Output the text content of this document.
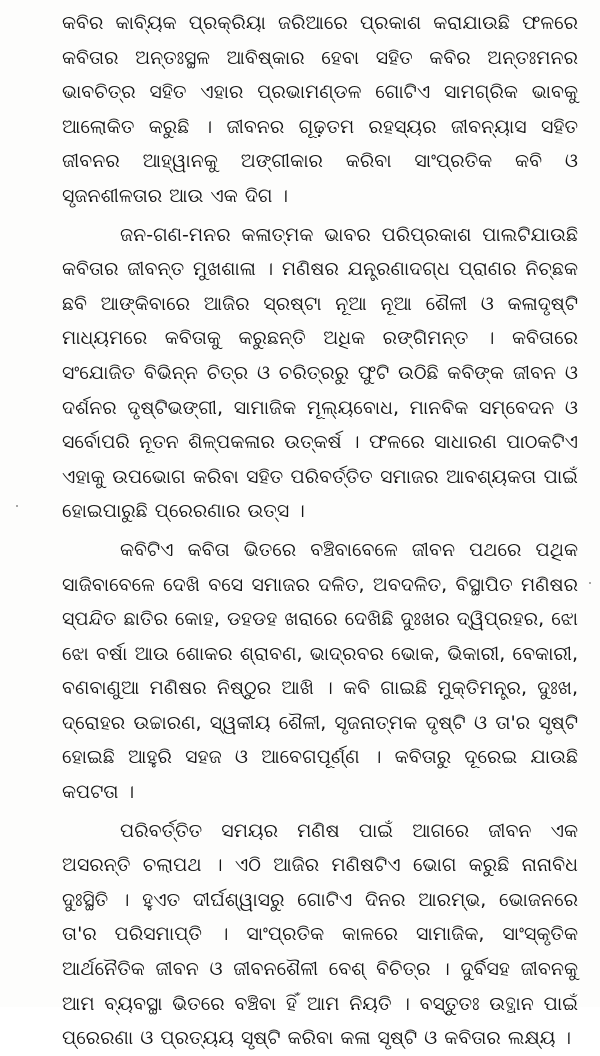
କବିର କାବ୍ୟିକ ପ୍ରକ୍ରିୟା ଜରିଆରେ ପ୍ରକାଶ କରାଯାଉଛି ଫଳରେ କବିତାର ଅନ୍ତଃସ୍ଥଳ ଆବିଷ୍କାର ହେବା ସହିତ କବିର ଅନ୍ତଃମନର ଭାବଚିତ୍ର ସହିତ ଏହାର ପ୍ରଭାମଣ୍ଡଳ ଗୋଟିଏ ସାମଗ୍ରିକ ଭାବକୁ ଆଲୋକିତ କରୁଛି । ଜୀବନର ଗୂଢ଼ତମ ରହସ୍ୟର ଜୀବନ୍ୟାସ ସହିତ ଜୀବନର ଆହ୍ୱାନକୁ ଅଙ୍ଗୀକାର କରିବା ସାଂପ୍ରତିକ କବି ଓ ସୃଜନଶୀଳତାର ଆଉ ଏକ ଦିଗ ।

ଜନ-ଗଣ-ମନର କଳାତ୍ମକ ଭାବର ପରିପ୍ରକାଶ ପାଲଟିଯାଉଛି କବିତାର ଜୀବନ୍ତ ମୁଖଶାଳା । ମଣିଷର ଯନ୍ତ୍ରଣାଦଗ୍ଧ ପ୍ରାଣର ନିଚ୍ଛକ ଛବି ଆଙ୍କିବାରେ ଆଜିର ସ୍ରଷ୍ଟା ନୂଆ ନୂଆ ଶୈଳୀ ଓ କଳାଦୃଷ୍ଟି ମାଧ୍ୟମରେ କବିତାକୁ କରୁଛନ୍ତି ଅଧିକ ରଙ୍ଗିମନ୍ତ । କବିତାରେ ସଂଯୋଜିତ ବିଭିନ୍ନ ଚିତ୍ର ଓ ଚରିତ୍ରରୁ ଫୁଟି ଉଠିଛି କବିଙ୍କ ଜୀବନ ଓ ଦର୍ଶନର ଦୃଷ୍ଟିଭଙ୍ଗୀ, ସାମାଜିକ ମୂଲ୍ୟବୋଧ, ମାନବିକ ସମ୍ବେଦନ ଓ ସର୍ବୋପରି ନୂତନ ଶିଳ୍ପକଳାର ଉତ୍କର୍ଷ । ଫଳରେ ସାଧାରଣ ପାଠକଟିଏ ଏହାକୁ ଉପଭୋଗ କରିବା ସହିତ ପରିବର୍ତ୍ତିତ ସମାଜର ଆବଶ୍ୟକତା ପାଇଁ ହୋଇପାରୁଛି ପ୍ରେରଣାର ଉତ୍ସ ।

କବିଟିଏ କବିତା ଭିତରେ ବଞ୍ଚିବାବେଳେ ଜୀବନ ପଥରେ ପଥିକ ସାଜିବାବେଳେ ଦେଖି ବସେ ସମାଜର ଦଳିତ, ଅବଦଳିତ, ବିସ୍ଥାପିତ ମଣିଷର ସ୍ପନ୍ଦିତ ଛାତିର କୋହ, ଡହଡହ ଖରାରେ ଦେଖିଛି ଦୁଃଖର ଦ୍ୱିପ୍ରହର, ଝୋ ଝୋ ବର୍ଷା ଆଉ ଶୋକର ଶ୍ରାବଣ, ଭାଦ୍ରବର ଭୋକ, ଭିକାରୀ, ବେକାରୀ, ବଣବାଣୁଆ ମଣିଷର ନିଷ୍ଠୁର ଆଖି । କବି ଗାଇଛି ମୁକ୍ତିମନ୍ତ୍ର, ଦୁଃଖ, ଦ୍ରୋହର ଉଚ୍ଚାରଣ, ସ୍ୱକୀୟ ଶୈଳୀ, ସୃଜନାତ୍ମକ ଦୃଷ୍ଟି ଓ ତା'ର ସୃଷ୍ଟି ହୋଇଛି ଆହୁରି ସହଜ ଓ ଆବେଗପୂର୍ଣ୍ଣ । କବିତାରୁ ଦୂରେଇ ଯାଉଛି କପଟତା ।

ପରିବର୍ତ୍ତିତ ସମୟର ମଣିଷ ପାଇଁ ଆଗରେ ଜୀବନ ଏକ ଅସରନ୍ତି ଚଲାପଥ । ଏଠି ଆଜିର ମଣିଷଟିଏ ଭୋଗ କରୁଛି ନାନାବିଧ ଦୁଃସ୍ଥିତି । ହୁଏତ ଦୀର୍ଘଶ୍ୱାସରୁ ଗୋଟିଏ ଦିନର ଆରମ୍ଭ, ଭୋଜନରେ ତା'ର ପରିସମାପ୍ତି । ସାଂପ୍ରତିକ କାଳରେ ସାମାଜିକ, ସାଂସ୍କୃତିକ ଆର୍ଥନୈତିକ ଜୀବନ ଓ ଜୀବନଶୈଳୀ ବେଶ୍ ବିଚିତ୍ର । ଦୁର୍ବିସହ ଜୀବନକୁ ଆମ ବ୍ୟବସ୍ଥା ଭିତରେ ବଞ୍ଚିବା ହିଁ ଆମ ନିୟତି । ବସ୍ତୁତଃ ଉତ୍ଥାନ ପାଇଁ ପ୍ରେରଣା ଓ ପ୍ରତ୍ୟୟ ସୃଷ୍ଟି କରିବା କଳା ସୃଷ୍ଟି ଓ କବିତାର ଲକ୍ଷ୍ୟ ।
